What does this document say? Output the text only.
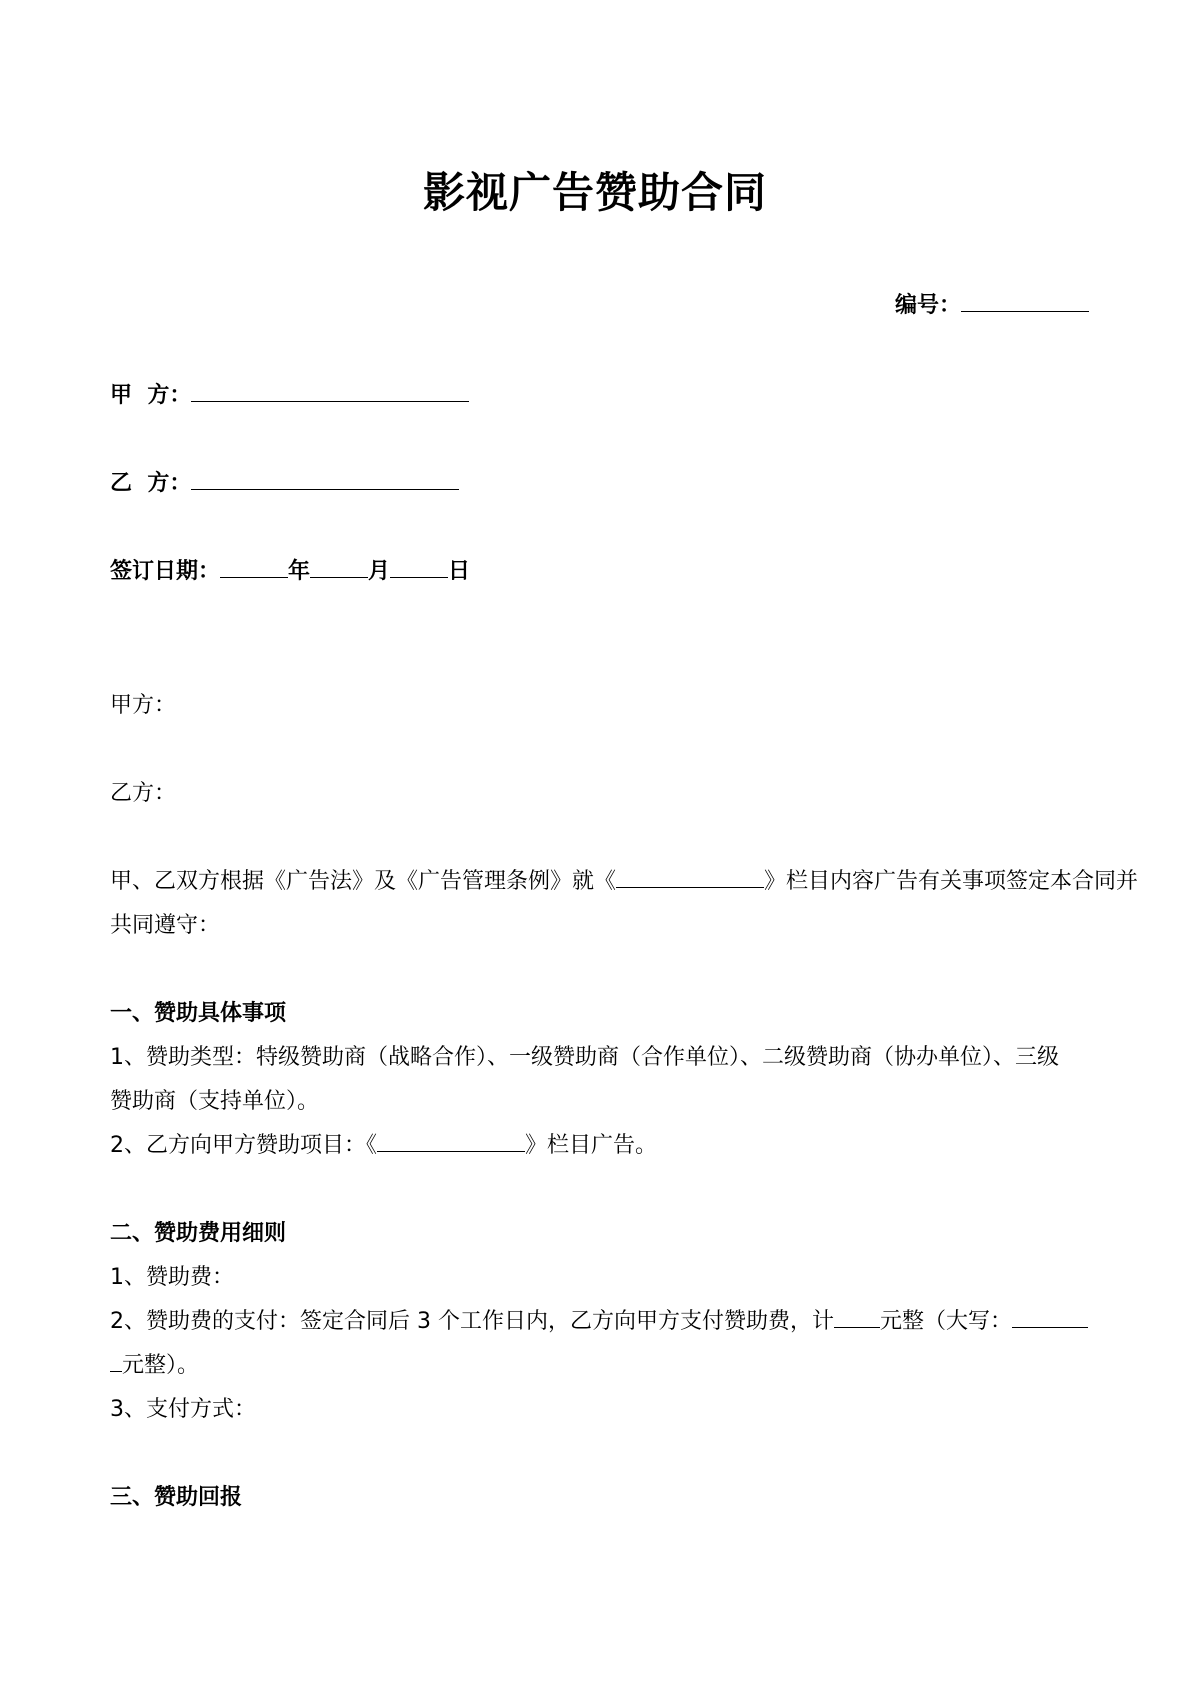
影视广告赞助合同
编号：
甲  方：
乙  方：
签订日期：	年	月	日
甲方：
乙方：
甲、乙双方根据《广告法》及《广告管理条例》就《	》栏目内容广告有关事项签定本合同并
共同遵守：
一、赞助具体事项
1、赞助类型：特级赞助商（战略合作）、一级赞助商（合作单位）、二级赞助商（协办单位）、三级
赞助商（支持单位）。
2、乙方向甲方赞助项目：《	》栏目广告。
二、赞助费用细则
1、赞助费：
2、赞助费的支付：签定合同后 3 个工作日内，乙方向甲方支付赞助费，计 元整（大写：
元整）。
3、支付方式：
三、赞助回报
